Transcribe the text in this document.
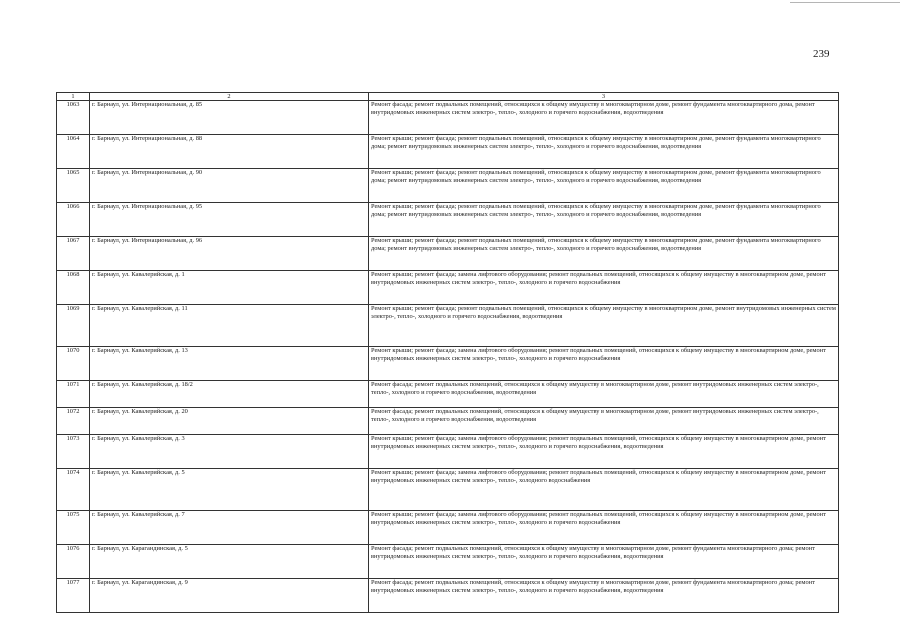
239
1	2	3
1063	г. Барнаул, ул. Интернациональная, д. 85	Ремонт фасада; ремонт подвальных помещений, относящихся к общему имуществу в многоквартирном доме, ремонт фундамента многоквартирного дома, ремонт внутридомовых инженерных систем электро-, тепло-, холодного и горячего водоснабжения, водоотведения
1064	г. Барнаул, ул. Интернациональная, д. 88	Ремонт крыши; ремонт фасада; ремонт подвальных помещений, относящихся к общему имуществу в многоквартирном доме, ремонт фундамента многоквартирного дома; ремонт внутридомовых инженерных систем электро-, тепло-, холодного и горячего водоснабжения, водоотведения
1065	г. Барнаул, ул. Интернациональная, д. 90	Ремонт крыши; ремонт фасада; ремонт подвальных помещений, относящихся к общему имуществу в многоквартирном доме, ремонт фундамента многоквартирного дома; ремонт внутридомовых инженерных систем электро-, тепло-, холодного и горячего водоснабжения, водоотведения
1066	г. Барнаул, ул. Интернациональная, д. 95	Ремонт крыши; ремонт фасада; ремонт подвальных помещений, относящихся к общему имуществу в многоквартирном доме, ремонт фундамента многоквартирного дома; ремонт внутридомовых инженерных систем электро-, тепло-, холодного и горячего водоснабжения, водоотведения
1067	г. Барнаул, ул. Интернациональная, д. 96	Ремонт крыши; ремонт фасада; ремонт подвальных помещений, относящихся к общему имуществу в многоквартирном доме, ремонт фундамента многоквартирного дома; ремонт внутридомовых инженерных систем электро-, тепло-, холодного и горячего водоснабжения, водоотведения
1068	г. Барнаул, ул. Кавалерийская, д. 1	Ремонт крыши; ремонт фасада; замена лифтового оборудования; ремонт подвальных помещений, относящихся к общему имуществу в многоквартирном доме, ремонт внутридомовых инженерных систем электро-, тепло-, холодного и горячего водоснабжения
1069	г. Барнаул, ул. Кавалерийская, д. 11	Ремонт крыши; ремонт фасада; ремонт подвальных помещений, относящихся к общему имуществу в многоквартирном доме, ремонт внутридомовых инженерных систем электро-, тепло-, холодного и горячего водоснабжения, водоотведения
1070	г. Барнаул, ул. Кавалерийская, д. 13	Ремонт крыши; ремонт фасада; замена лифтового оборудования; ремонт подвальных помещений, относящихся к общему имуществу в многоквартирном доме, ремонт внутридомовых инженерных систем электро-, тепло-, холодного и горячего водоснабжения
1071	г. Барнаул, ул. Кавалерийская, д. 18/2	Ремонт фасада; ремонт подвальных помещений, относящихся к общему имуществу в многоквартирном доме, ремонт внутридомовых инженерных систем электро-, тепло-, холодного и горячего водоснабжения, водоотведения
1072	г. Барнаул, ул. Кавалерийская, д. 20	Ремонт фасада; ремонт подвальных помещений, относящихся к общему имуществу в многоквартирном доме, ремонт внутридомовых инженерных систем электро-, тепло-, холодного и горячего водоснабжения, водоотведения
1073	г. Барнаул, ул. Кавалерийская, д. 3	Ремонт крыши; ремонт фасада; замена лифтового оборудования; ремонт подвальных помещений, относящихся к общему имуществу в многоквартирном доме, ремонт внутридомовых инженерных систем электро-, тепло-, холодного и горячего водоснабжения, водоотведения
1074	г. Барнаул, ул. Кавалерийская, д. 5	Ремонт крыши; ремонт фасада; замена лифтового оборудования; ремонт подвальных помещений, относящихся к общему имуществу в многоквартирном доме, ремонт внутридомовых инженерных систем электро-, тепло-, холодного водоснабжения
1075	г. Барнаул, ул. Кавалерийская, д. 7	Ремонт крыши; ремонт фасада; замена лифтового оборудования; ремонт подвальных помещений, относящихся к общему имуществу в многоквартирном доме, ремонт внутридомовых инженерных систем электро-, тепло-, холодного и горячего водоснабжения
1076	г. Барнаул, ул. Карагандинская, д. 5	Ремонт фасада; ремонт подвальных помещений, относящихся к общему имуществу в многоквартирном доме, ремонт фундамента многоквартирного дома; ремонт внутридомовых инженерных систем электро-, тепло-, холодного и горячего водоснабжения, водоотведения
1077	г. Барнаул, ул. Карагандинская, д. 9	Ремонт фасада; ремонт подвальных помещений, относящихся к общему имуществу в многоквартирном доме, ремонт фундамента многоквартирного дома; ремонт внутридомовых инженерных систем электро-, тепло-, холодного и горячего водоснабжения, водоотведения
